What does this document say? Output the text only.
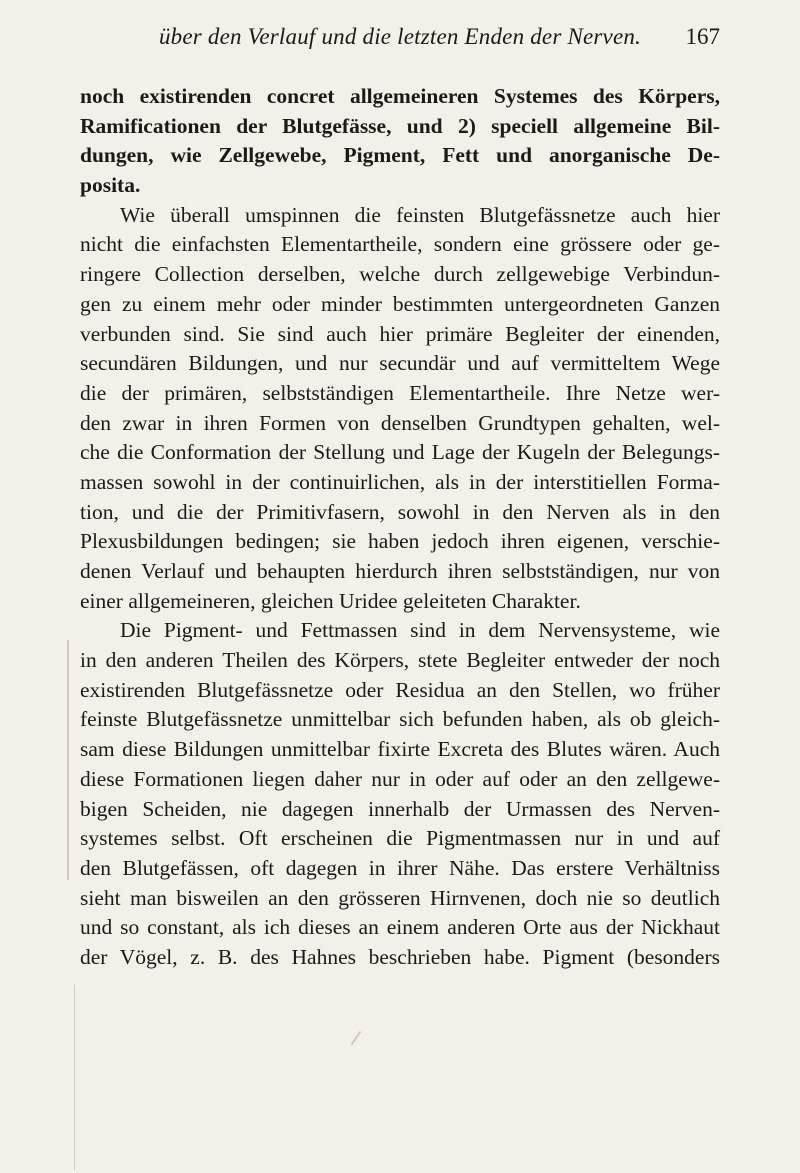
über den Verlauf und die letzten Enden der Nerven.	167
noch existirenden concret allgemeineren Systemes des Körpers,
Ramificationen der Blutgefässe, und 2) speciell allgemeine Bil-
dungen, wie Zellgewebe, Pigment, Fett und anorganische De-
posita.
Wie überall umspinnen die feinsten Blutgefässnetze auch hier
nicht die einfachsten Elementartheile, sondern eine grössere oder ge-
ringere Collection derselben, welche durch zellgewebige Verbindun-
gen zu einem mehr oder minder bestimmten untergeordneten Ganzen
verbunden sind. Sie sind auch hier primäre Begleiter der einenden,
secundären Bildungen, und nur secundär und auf vermitteltem Wege
die der primären, selbstständigen Elementartheile. Ihre Netze wer-
den zwar in ihren Formen von denselben Grundtypen gehalten, wel-
che die Conformation der Stellung und Lage der Kugeln der Belegungs-
massen sowohl in der continuirlichen, als in der interstitiellen Forma-
tion, und die der Primitivfasern, sowohl in den Nerven als in den
Plexusbildungen bedingen; sie haben jedoch ihren eigenen, verschie-
denen Verlauf und behaupten hierdurch ihren selbstständigen, nur von
einer allgemeineren, gleichen Uridee geleiteten Charakter.
Die Pigment- und Fettmassen sind in dem Nervensysteme, wie
in den anderen Theilen des Körpers, stete Begleiter entweder der noch
existirenden Blutgefässnetze oder Residua an den Stellen, wo früher
feinste Blutgefässnetze unmittelbar sich befunden haben, als ob gleich-
sam diese Bildungen unmittelbar fixirte Excreta des Blutes wären. Auch
diese Formationen liegen daher nur in oder auf oder an den zellgewe-
bigen Scheiden, nie dagegen innerhalb der Urmassen des Nerven-
systemes selbst. Oft erscheinen die Pigmentmassen nur in und auf
den Blutgefässen, oft dagegen in ihrer Nähe. Das erstere Verhältniss
sieht man bisweilen an den grösseren Hirnvenen, doch nie so deutlich
und so constant, als ich dieses an einem anderen Orte aus der Nickhaut
der Vögel, z. B. des Hahnes beschrieben habe. Pigment (besonders
